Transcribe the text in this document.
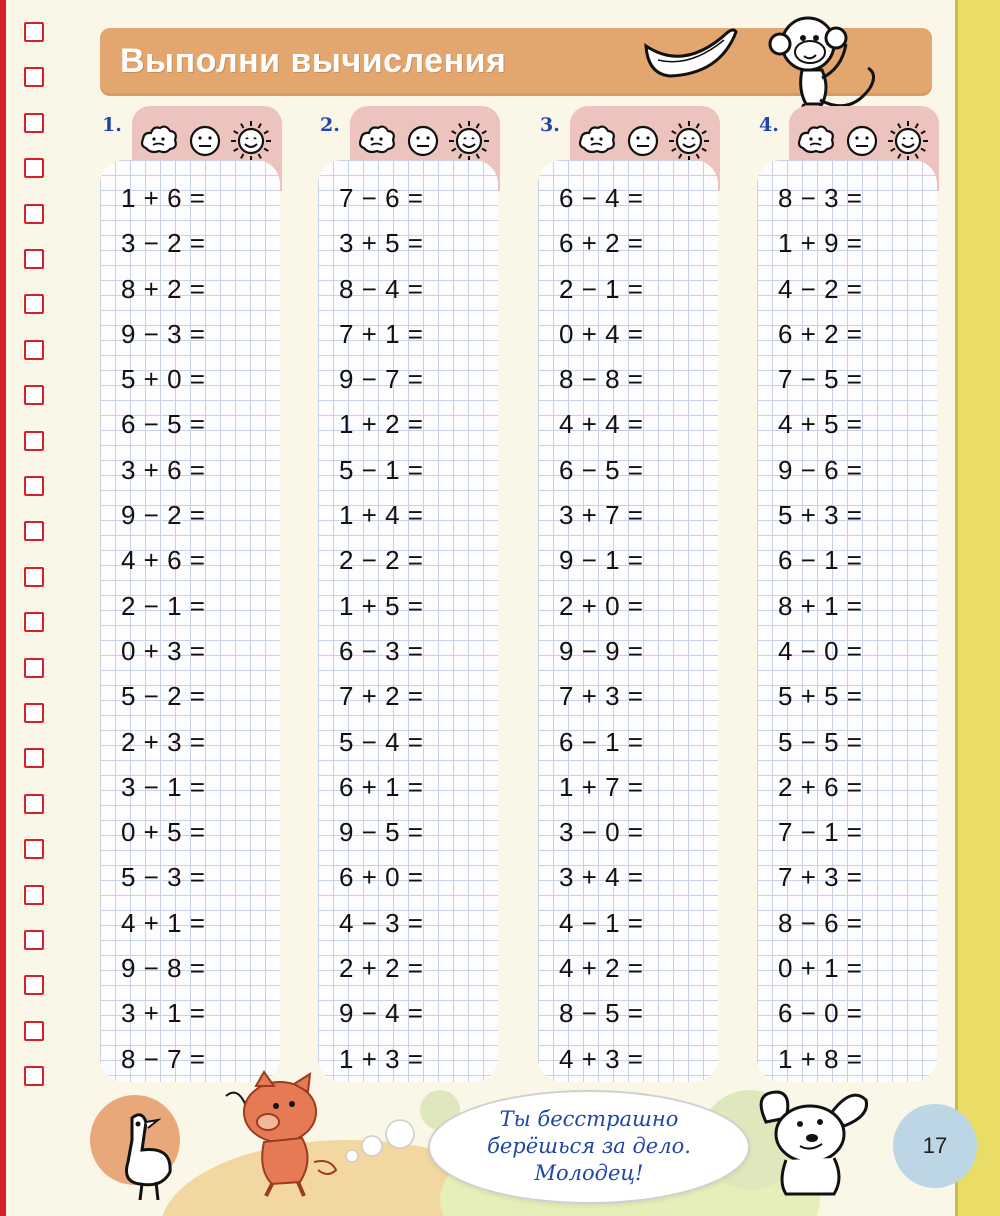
Выполни вычисления
1.
1 + 6 =
3 − 2 =
8 + 2 =
9 − 3 =
5 + 0 =
6 − 5 =
3 + 6 =
9 − 2 =
4 + 6 =
2 − 1 =
0 + 3 =
5 − 2 =
2 + 3 =
3 − 1 =
0 + 5 =
5 − 3 =
4 + 1 =
9 − 8 =
3 + 1 =
8 − 7 =
2.
7 − 6 =
3 + 5 =
8 − 4 =
7 + 1 =
9 − 7 =
1 + 2 =
5 − 1 =
1 + 4 =
2 − 2 =
1 + 5 =
6 − 3 =
7 + 2 =
5 − 4 =
6 + 1 =
9 − 5 =
6 + 0 =
4 − 3 =
2 + 2 =
9 − 4 =
1 + 3 =
3.
6 − 4 =
6 + 2 =
2 − 1 =
0 + 4 =
8 − 8 =
4 + 4 =
6 − 5 =
3 + 7 =
9 − 1 =
2 + 0 =
9 − 9 =
7 + 3 =
6 − 1 =
1 + 7 =
3 − 0 =
3 + 4 =
4 − 1 =
4 + 2 =
8 − 5 =
4 + 3 =
4.
8 − 3 =
1 + 9 =
4 − 2 =
6 + 2 =
7 − 5 =
4 + 5 =
9 − 6 =
5 + 3 =
6 − 1 =
8 + 1 =
4 − 0 =
5 + 5 =
5 − 5 =
2 + 6 =
7 − 1 =
7 + 3 =
8 − 6 =
0 + 1 =
6 − 0 =
1 + 8 =
Ты бесстрашно
берёшься за дело.
Молодец!
17
